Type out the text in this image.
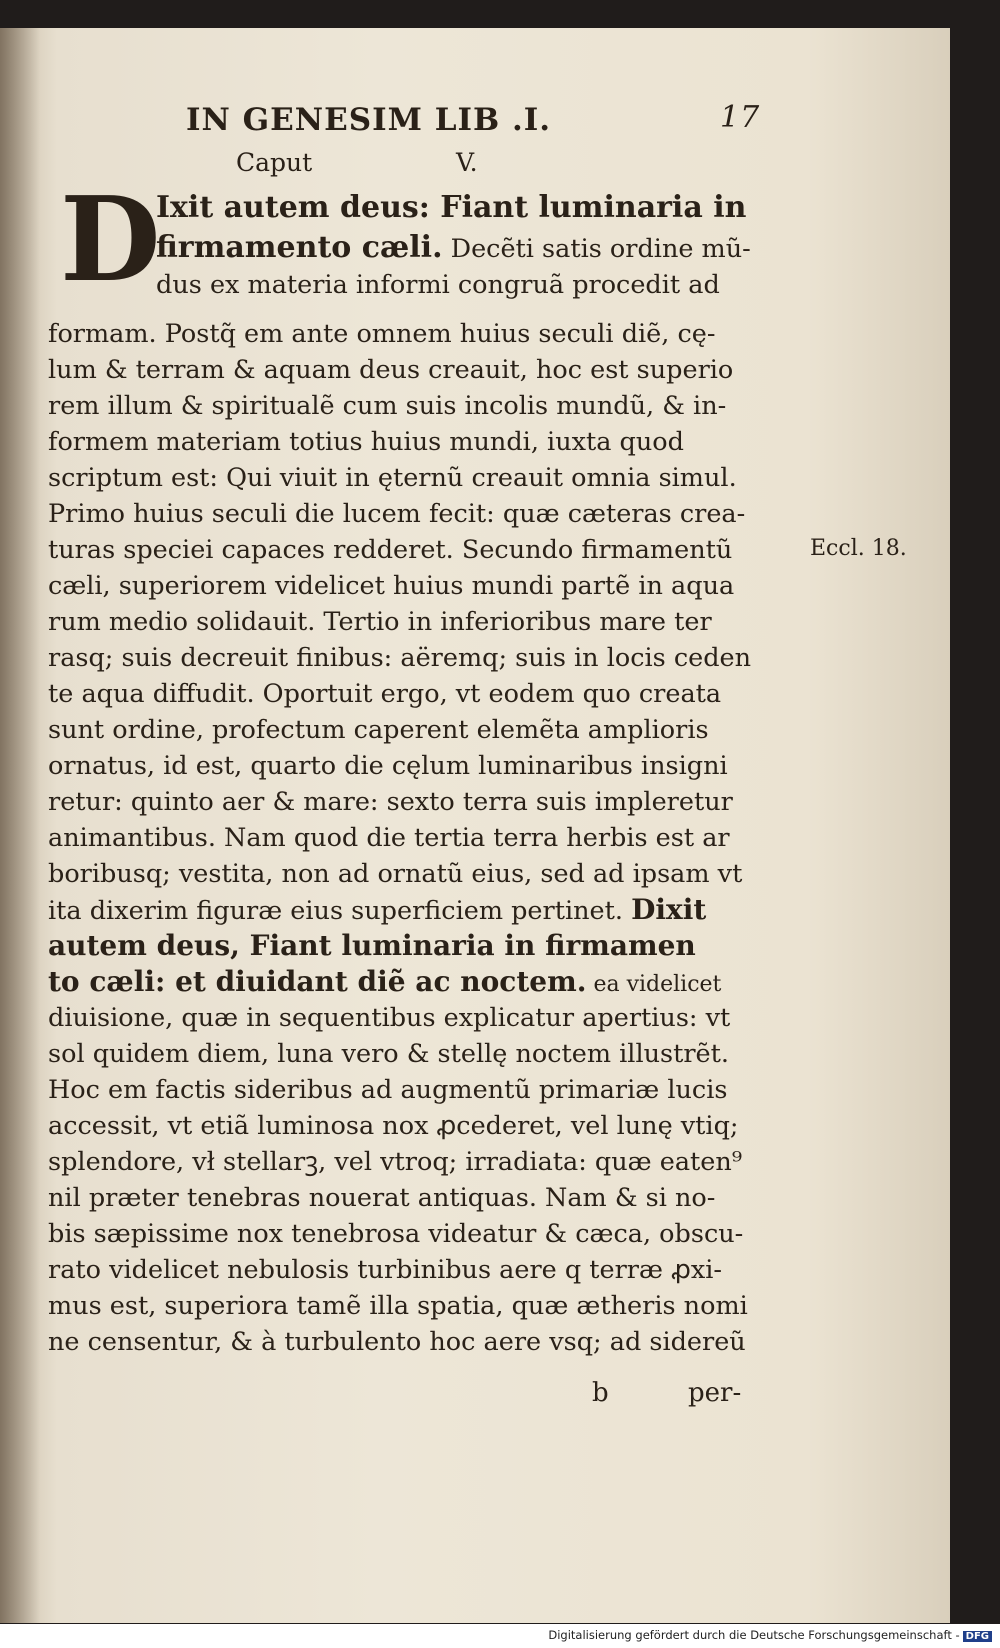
IN GENESIM LIB .I.	17
Caput	V.
D
Ixit autem deus: Fiant luminaria in
firmamento cæli. Decẽti satis ordine mũ-
dus ex materia informi congruã procedit ad
formam. Postq̃ em ante omnem huius seculi diẽ, cę-
lum & terram & aquam deus creauit, hoc est superio
rem illum & spiritualẽ cum suis incolis mundũ, & in-
formem materiam totius huius mundi, iuxta quod
scriptum est: Qui viuit in ęternũ creauit omnia simul.
Primo huius seculi die lucem fecit: quæ cæteras crea-
turas speciei capaces redderet. Secundo firmamentũ
cæli, superiorem videlicet huius mundi partẽ in aqua
rum medio solidauit. Tertio in inferioribus mare ter
rasq; suis decreuit finibus: aëremq; suis in locis ceden
te aqua diffudit. Oportuit ergo, vt eodem quo creata
sunt ordine, profectum caperent elemẽta amplioris
ornatus, id est, quarto die cęlum luminaribus insigni
retur: quinto aer & mare: sexto terra suis impleretur
animantibus. Nam quod die tertia terra herbis est ar
boribusq; vestita, non ad ornatũ eius, sed ad ipsam vt
ita dixerim figuræ eius superficiem pertinet. Dixit
autem deus, Fiant luminaria in firmamen
to cæli: et diuidant diẽ ac noctem. ea videlicet
diuisione, quæ in sequentibus explicatur apertius: vt
sol quidem diem, luna vero & stellę noctem illustrẽt.
Hoc em factis sideribus ad augmentũ primariæ lucis
accessit, vt etiã luminosa nox ꝓcederet, vel lunę vtiq;
splendore, vł stellarꝫ, vel vtroq; irradiata: quæ eaten⁹
nil præter tenebras nouerat antiquas. Nam & si no-
bis sæpissime nox tenebrosa videatur & cæca, obscu-
rato videlicet nebulosis turbinibus aere q terræ ꝓxi-
mus est, superiora tamẽ illa spatia, quæ ætheris nomi
ne censentur, & à turbulento hoc aere vsq; ad sidereũ
Eccl. 18.
b	per-
Digitalisierung gefördert durch die Deutsche Forschungsgemeinschaft - DFG
